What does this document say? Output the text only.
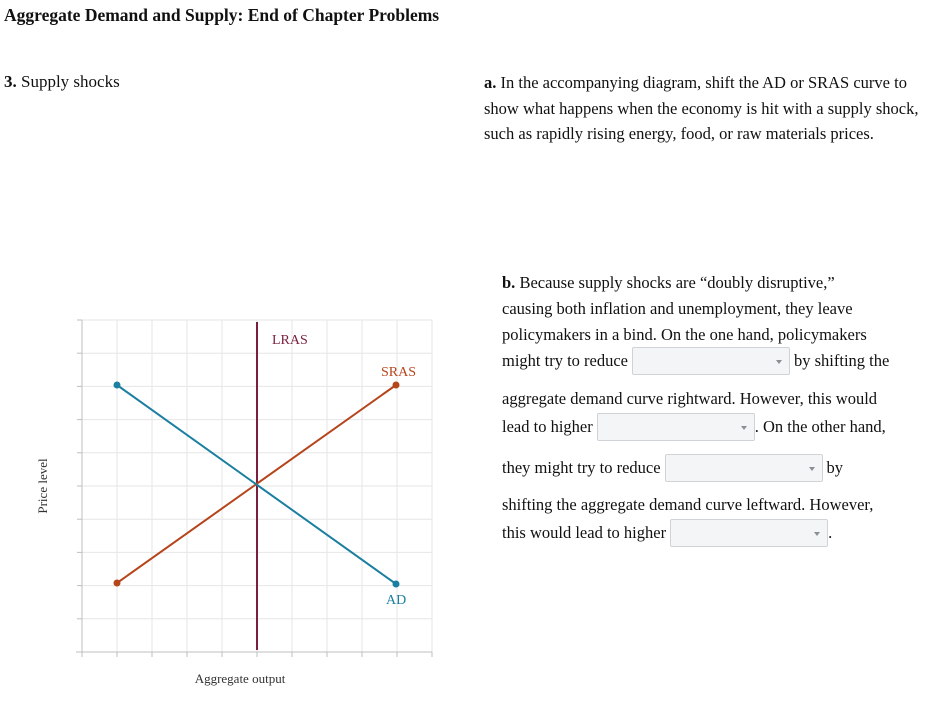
Aggregate Demand and Supply: End of Chapter Problems
3. Supply shocks	a. In the accompanying diagram, shift the AD or SRAS curve to show what happens when the economy is hit with a supply shock, such as rapidly rising energy, food, or raw materials prices.
b.
Because supply shocks are “doubly disruptive,”
causing both inflation and unemployment, they leave
policymakers in a bind. On the one hand, policymakers
might try to reduce	by shifting the
aggregate demand curve rightward. However, this would
lead to higher	. On the other hand,
they might try to reduce	by
shifting the aggregate demand curve leftward. However,
this would lead to higher	.
Price level
Aggregate output
LRAS
SRAS
AD
